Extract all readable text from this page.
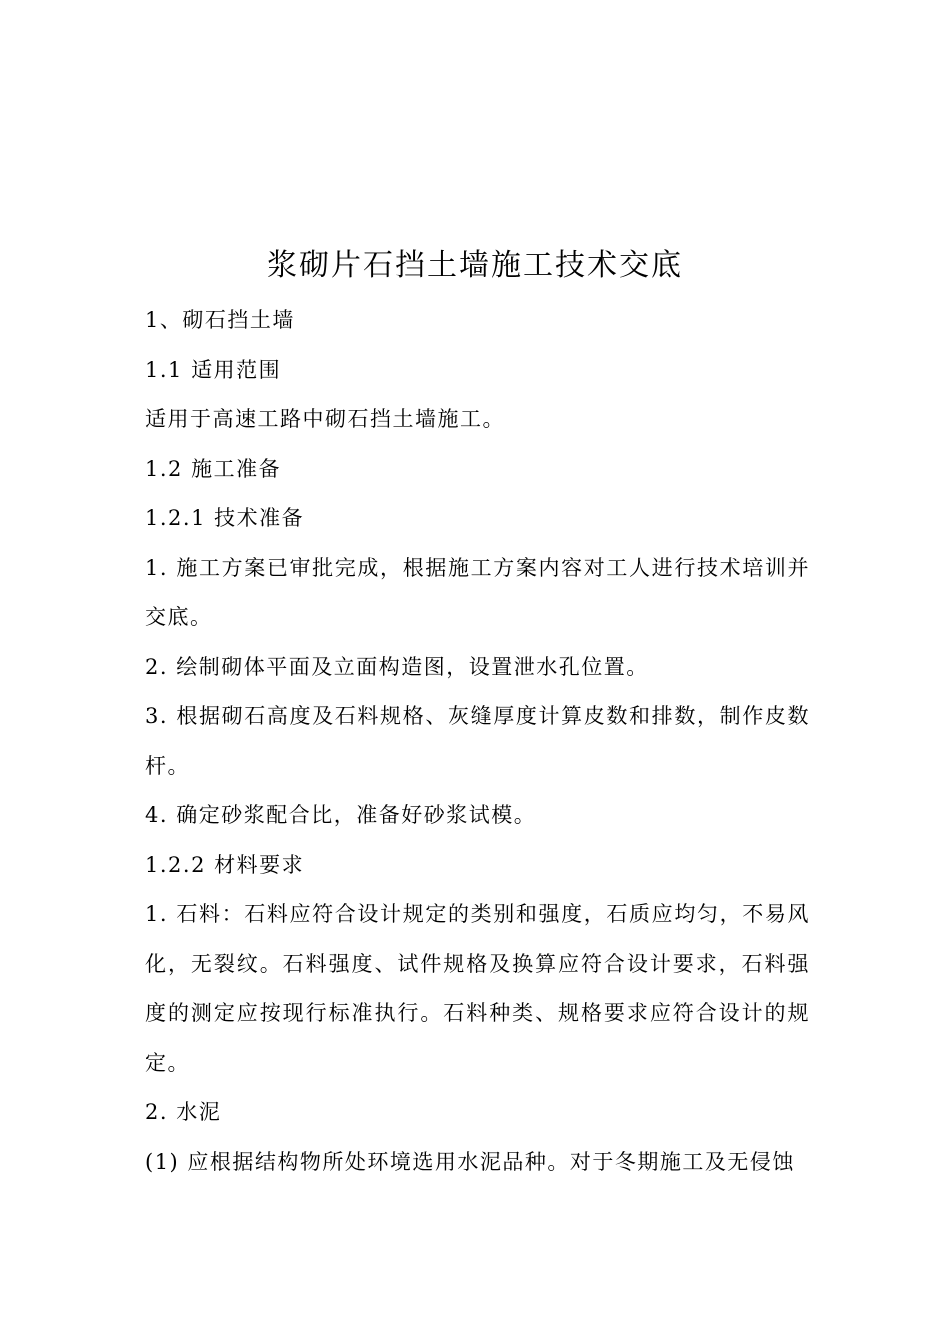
浆砌片石挡土墙施工技术交底

1、砌石挡土墙

1.1 适用范围

适用于高速工路中砌石挡土墙施工。

1.2 施工准备

1.2.1 技术准备

1. 施工方案已审批完成，根据施工方案内容对工人进行技术培训并交底。

2. 绘制砌体平面及立面构造图，设置泄水孔位置。

3. 根据砌石高度及石料规格、灰缝厚度计算皮数和排数，制作皮数杆。

4. 确定砂浆配合比，准备好砂浆试模。

1.2.2 材料要求

1. 石料：石料应符合设计规定的类别和强度，石质应均匀，不易风化，无裂纹。石料强度、试件规格及换算应符合设计要求，石料强度的测定应按现行标准执行。石料种类、规格要求应符合设计的规定。

2. 水泥

(1) 应根据结构物所处环境选用水泥品种。对于冬期施工及无侵蚀
